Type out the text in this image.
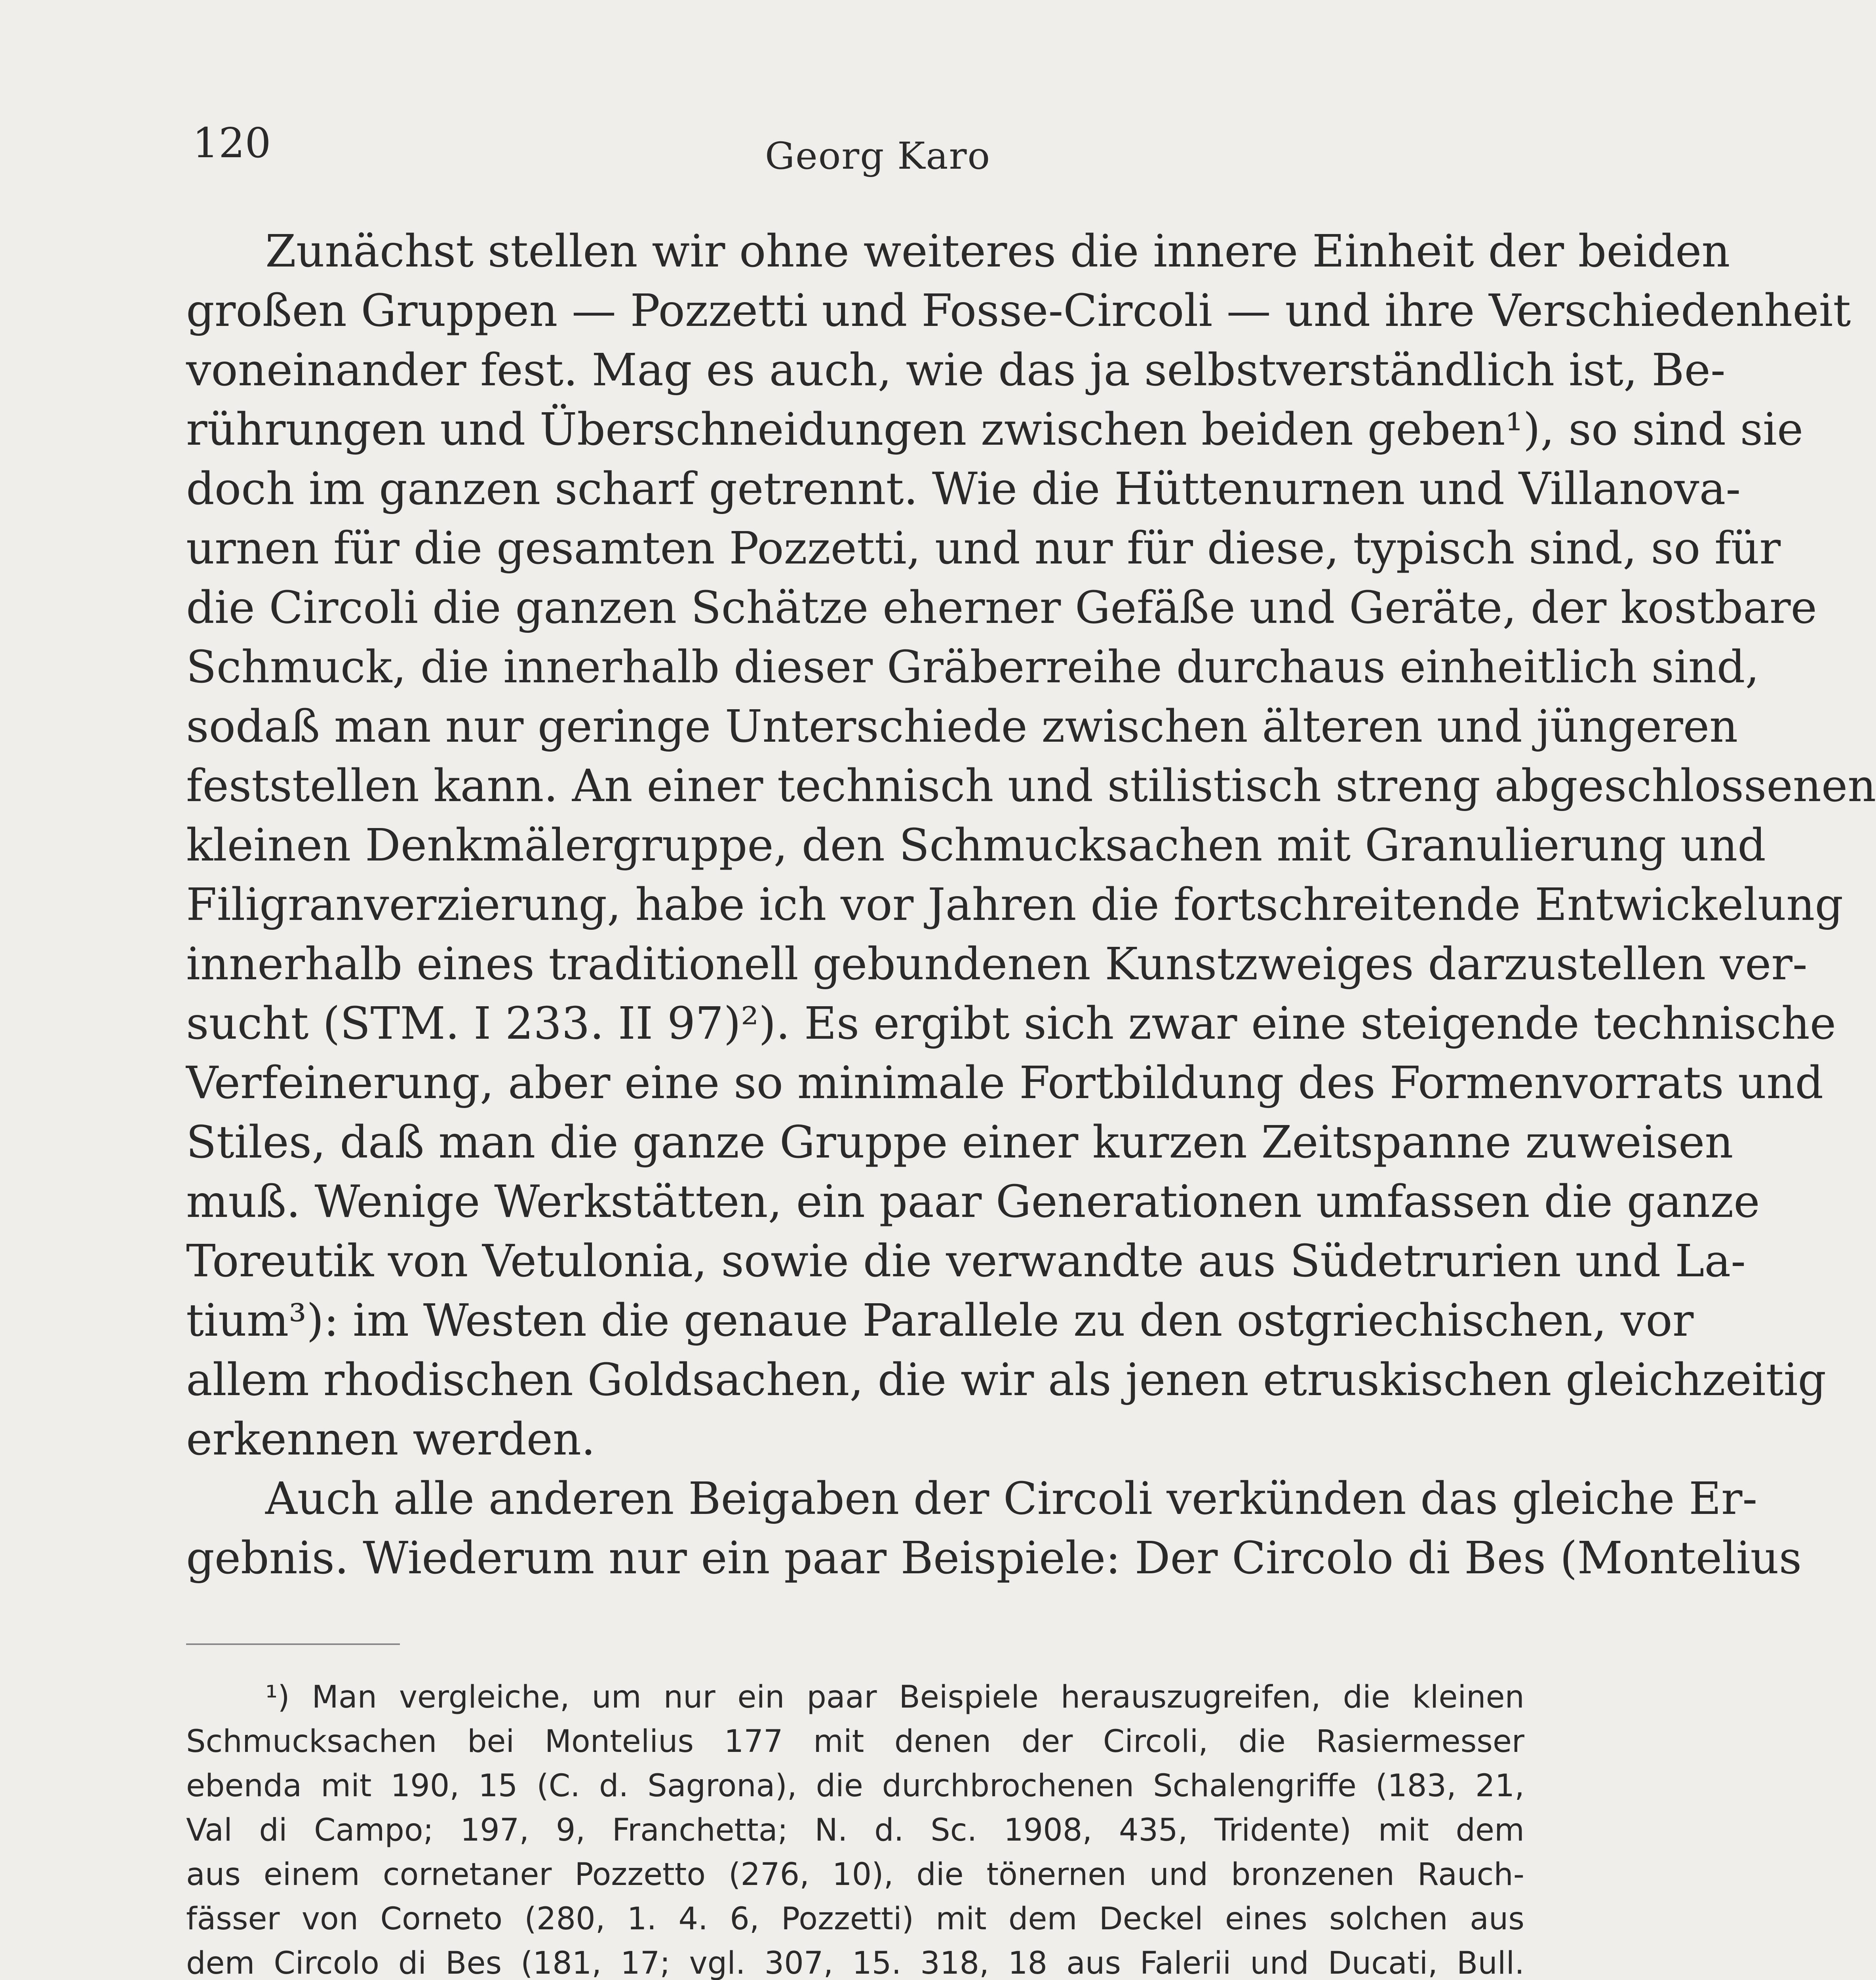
120	Georg Karo
Zunächst stellen wir ohne weiteres die innere Einheit der beiden
großen Gruppen — Pozzetti und Fosse-Circoli — und ihre Verschiedenheit
voneinander fest. Mag es auch, wie das ja selbstverständlich ist, Be-
rührungen und Überschneidungen zwischen beiden geben¹), so sind sie
doch im ganzen scharf getrennt. Wie die Hüttenurnen und Villanova-
urnen für die gesamten Pozzetti, und nur für diese, typisch sind, so für
die Circoli die ganzen Schätze eherner Gefäße und Geräte, der kostbare
Schmuck, die innerhalb dieser Gräberreihe durchaus einheitlich sind,
sodaß man nur geringe Unterschiede zwischen älteren und jüngeren
feststellen kann. An einer technisch und stilistisch streng abgeschlossenen
kleinen Denkmälergruppe, den Schmucksachen mit Granulierung und
Filigranverzierung, habe ich vor Jahren die fortschreitende Entwickelung
innerhalb eines traditionell gebundenen Kunstzweiges darzustellen ver-
sucht (STM. I 233. II 97)²). Es ergibt sich zwar eine steigende technische
Verfeinerung, aber eine so minimale Fortbildung des Formenvorrats und
Stiles, daß man die ganze Gruppe einer kurzen Zeitspanne zuweisen
muß. Wenige Werkstätten, ein paar Generationen umfassen die ganze
Toreutik von Vetulonia, sowie die verwandte aus Südetrurien und La-
tium³): im Westen die genaue Parallele zu den ostgriechischen, vor
allem rhodischen Goldsachen, die wir als jenen etruskischen gleichzeitig
erkennen werden.
Auch alle anderen Beigaben der Circoli verkünden das gleiche Er-
gebnis. Wiederum nur ein paar Beispiele: Der Circolo di Bes (Montelius
¹) Man vergleiche, um nur ein paar Beispiele herauszugreifen, die kleinen
Schmucksachen bei Montelius 177 mit denen der Circoli, die Rasiermesser
ebenda mit 190, 15 (C. d. Sagrona), die durchbrochenen Schalengriffe (183, 21,
Val di Campo; 197, 9, Franchetta; N. d. Sc. 1908, 435, Tridente) mit dem
aus einem cornetaner Pozzetto (276, 10), die tönernen und bronzenen Rauch-
fässer von Corneto (280, 1. 4. 6, Pozzetti) mit dem Deckel eines solchen aus
dem Circolo di Bes (181, 17; vgl. 307, 15. 318, 18 aus Falerii und Ducati, Bull.
